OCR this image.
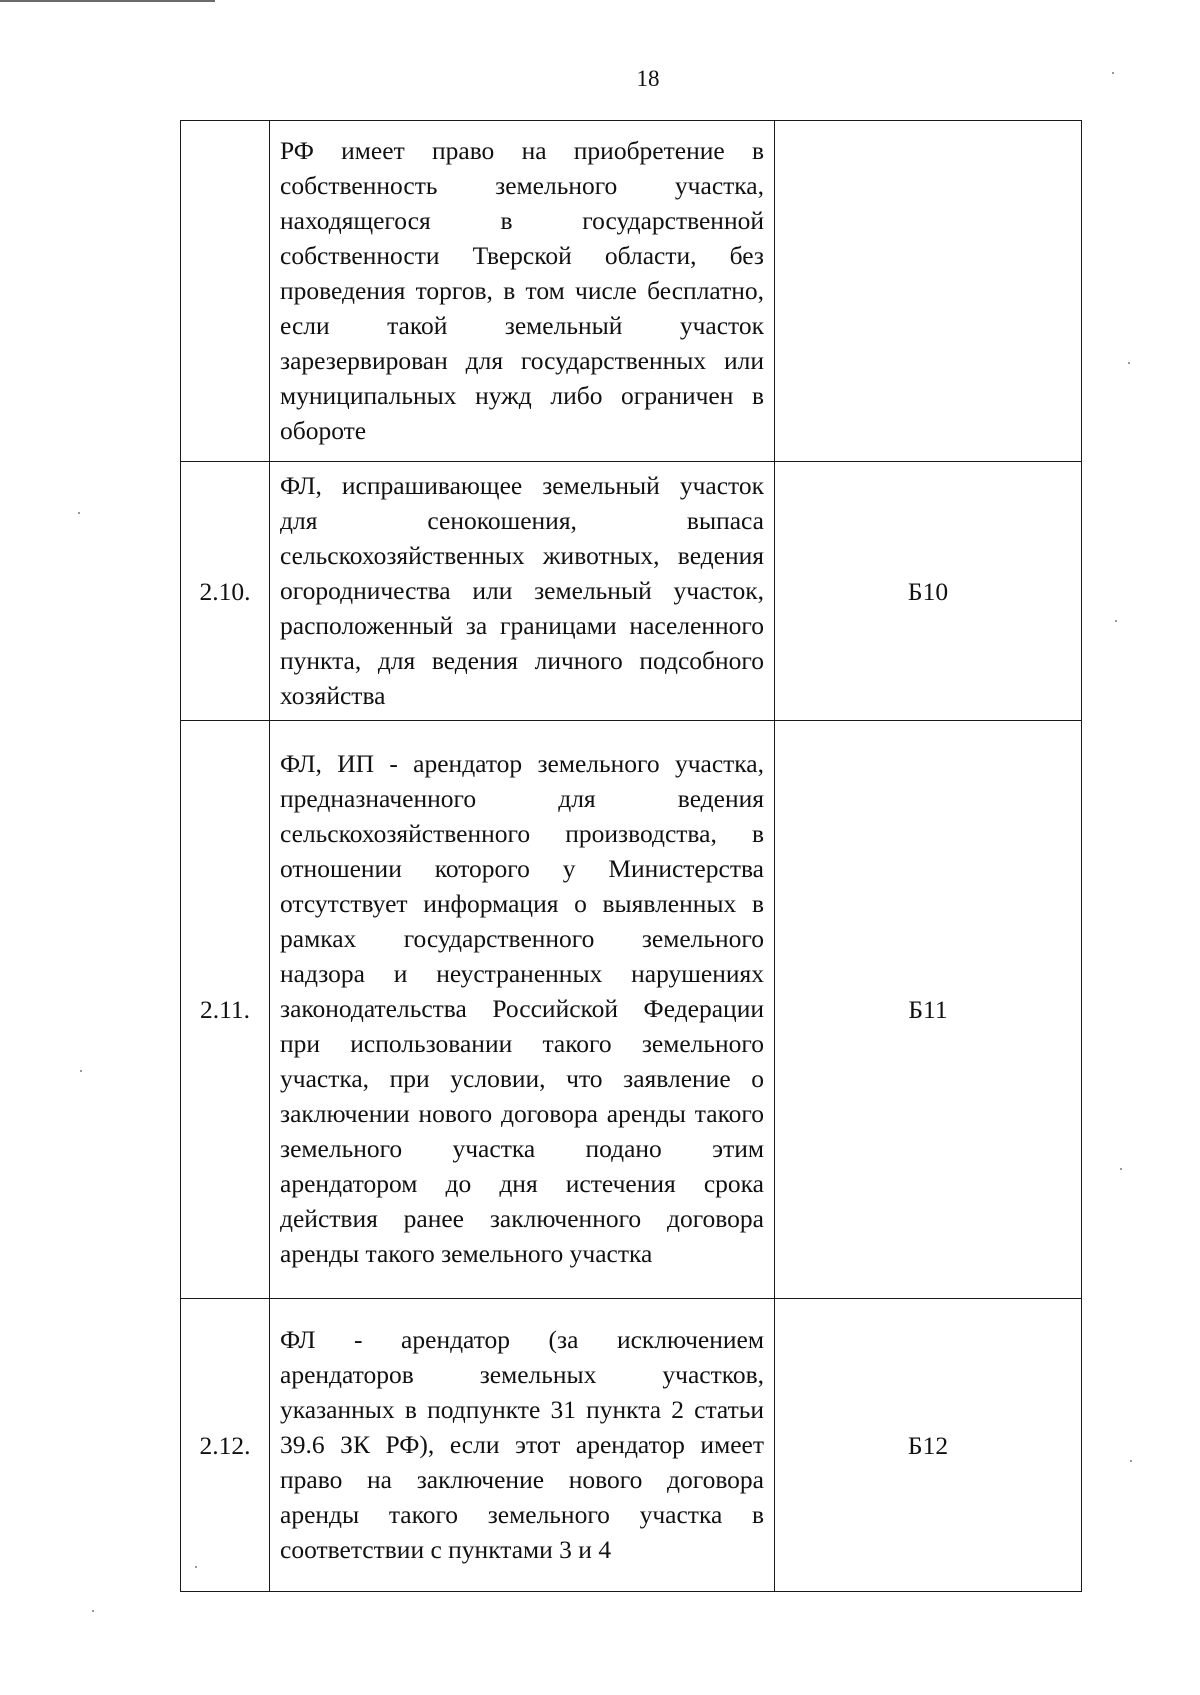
18
	РФ имеет право на приобретение в собственность земельного участка, находящегося в государственной собственности Тверской области, без проведения торгов, в том числе бесплатно, если такой земельный участок зарезервирован для государственных или муниципальных нужд либо ограничен в обороте	
2.10.	ФЛ, испрашивающее земельный участок для сенокошения, выпаса сельскохозяйственных животных, ведения огородничества или земельный участок, расположенный за границами населенного пункта, для ведения личного подсобного хозяйства	Б10
2.11.	ФЛ, ИП - арендатор земельного участка, предназначенного для ведения сельскохозяйственного производства, в отношении которого у Министерства отсутствует информация о выявленных в рамках государственного земельного надзора и неустраненных нарушениях законодательства Российской Федерации при использовании такого земельного участка, при условии, что заявление о заключении нового договора аренды такого земельного участка подано этим арендатором до дня истечения срока действия ранее заключенного договора аренды такого земельного участка	Б11
2.12.	ФЛ - арендатор (за исключением арендаторов земельных участков, указанных в подпункте 31 пункта 2 статьи 39.6 ЗК РФ), если этот арендатор имеет право на заключение нового договора аренды такого земельного участка в соответствии с пунктами 3 и 4	Б12
